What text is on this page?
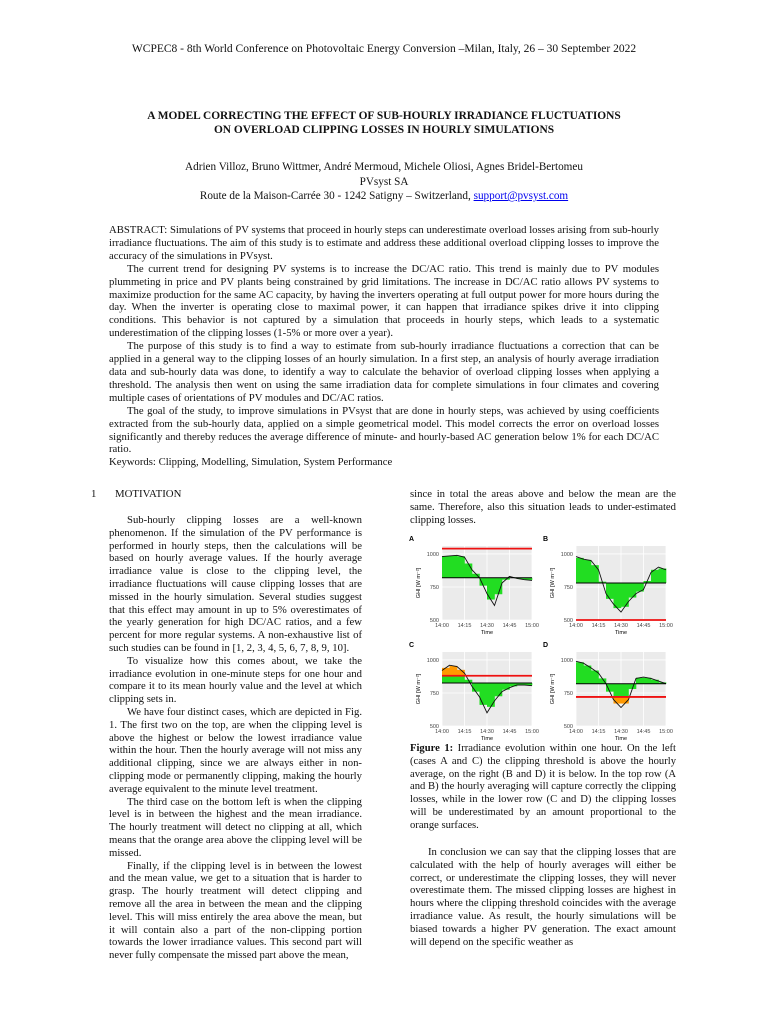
WCPEC8 - 8th World Conference on Photovoltaic Energy Conversion –Milan, Italy, 26 – 30 September 2022
A MODEL CORRECTING THE EFFECT OF SUB-HOURLY IRRADIANCE FLUCTUATIONS
ON OVERLOAD CLIPPING LOSSES IN HOURLY SIMULATIONS
Adrien Villoz, Bruno Wittmer, André Mermoud, Michele Oliosi, Agnes Bridel-Bertomeu
PVsyst SA
Route de la Maison-Carrée 30 - 1242 Satigny – Switzerland, support@pvsyst.com

ABSTRACT: Simulations of PV systems that proceed in hourly steps can underestimate overload losses arising from sub-hourly irradiance fluctuations. The aim of this study is to estimate and address these additional overload clipping losses to improve the accuracy of the simulations in PVsyst.

The current trend for designing PV systems is to increase the DC/AC ratio. This trend is mainly due to PV modules plummeting in price and PV plants being constrained by grid limitations. The increase in DC/AC ratio allows PV systems to maximize production for the same AC capacity, by having the inverters operating at full output power for more hours during the day. When the inverter is operating close to maximal power, it can happen that irradiance spikes drive it into clipping conditions. This behavior is not captured by a simulation that proceeds in hourly steps, which leads to a systematic underestimation of the clipping losses (1-5% or more over a year).

The purpose of this study is to find a way to estimate from sub-hourly irradiance fluctuations a correction that can be applied in a general way to the clipping losses of an hourly simulation. In a first step, an analysis of hourly average irradiation data and sub-hourly data was done, to identify a way to calculate the behavior of overload clipping losses when applying a threshold. The analysis then went on using the same irradiation data for complete simulations in four climates and covering multiple cases of orientations of PV modules and DC/AC ratios.

The goal of the study, to improve simulations in PVsyst that are done in hourly steps, was achieved by using coefficients extracted from the sub-hourly data, applied on a simple geometrical model. This model corrects the error on overload losses significantly and thereby reduces the average difference of minute- and hourly-based AC generation below 1% for each DC/AC ratio.

Keywords: Clipping, Modelling, Simulation, System Performance

1 MOTIVATION

Sub-hourly clipping losses are a well-known phenomenon. If the simulation of the PV performance is performed in hourly steps, then the calculations will be based on hourly average values. If the hourly average irradiance value is close to the clipping level, the irradiance fluctuations will cause clipping losses that are missed in the hourly simulation. Several studies suggest that this effect may amount in up to 5% overestimates of the yearly generation for high DC/AC ratios, and a few percent for more regular systems. A non-exhaustive list of such studies can be found in [1, 2, 3, 4, 5, 6, 7, 8, 9, 10].

To visualize how this comes about, we take the irradiance evolution in one-minute steps for one hour and compare it to its mean hourly value and the level at which clipping sets in.

We have four distinct cases, which are depicted in Fig. 1. The first two on the top, are when the clipping level is above the highest or below the lowest irradiance value within the hour. Then the hourly average will not miss any additional clipping, since we are always either in non-clipping mode or permanently clipping, making the hourly average equivalent to the minute level treatment.

The third case on the bottom left is when the clipping level is in between the highest and the mean irradiance. The hourly treatment will detect no clipping at all, which means that the orange area above the clipping level will be missed.

Finally, if the clipping level is in between the lowest and the mean value, we get to a situation that is harder to grasp. The hourly treatment will detect clipping and remove all the area in between the mean and the clipping level. This will miss entirely the area above the mean, but it will contain also a part of the non-clipping portion towards the lower irradiance values. This second part will never fully compensate the missed part above the mean,

since in total the areas above and below the mean are the same. Therefore, also this situation leads to under-estimated clipping losses.

A
1000
750
500
14:00 14:15 14:30 14:45 15:00
Time
GHI [W m⁻²]
B
1000
750
500
14:00 14:15 14:30 14:45 15:00
Time
GHI [W m⁻²]
C
1000
750
500
14:00 14:15 14:30 14:45 15:00
Time
GHI [W m⁻²]
D
1000
750
500
14:00 14:15 14:30 14:45 15:00
Time
GHI [W m⁻²]
Figure 1: Irradiance evolution within one hour. On the left (cases A and C) the clipping threshold is above the hourly average, on the right (B and D) it is below. In the top row (A and B) the hourly averaging will capture correctly the clipping losses, while in the lower row (C and D) the clipping losses will be underestimated by an amount proportional to the orange surfaces.

In conclusion we can say that the clipping losses that are calculated with the help of hourly averages will either be correct, or underestimate the clipping losses, they will never overestimate them. The missed clipping losses are highest in hours where the clipping threshold coincides with the average irradiance value. As result, the hourly simulations will be biased towards a higher PV generation. The exact amount will depend on the specific weather as
